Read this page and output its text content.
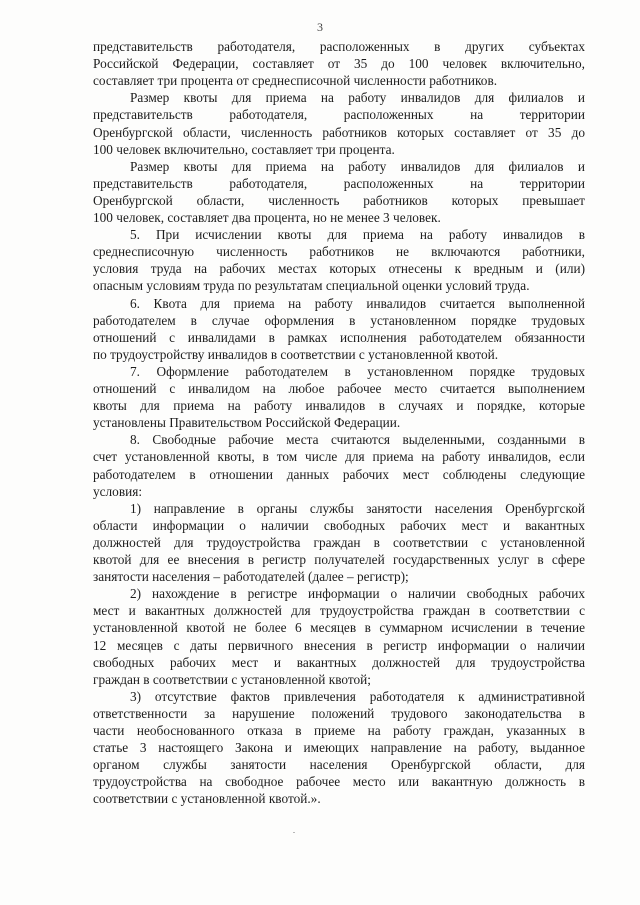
3
представительств работодателя, расположенных в других субъектах
Российской Федерации, составляет от 35 до 100 человек включительно,
составляет три процента от среднесписочной численности работников.
Размер квоты для приема на работу инвалидов для филиалов и
представительств работодателя, расположенных на территории
Оренбургской области, численность работников которых составляет от 35 до
100 человек включительно, составляет три процента.
Размер квоты для приема на работу инвалидов для филиалов и
представительств работодателя, расположенных на территории
Оренбургской области, численность работников которых превышает
100 человек, составляет два процента, но не менее 3 человек.
5. При исчислении квоты для приема на работу инвалидов в
среднесписочную численность работников не включаются работники,
условия труда на рабочих местах которых отнесены к вредным и (или)
опасным условиям труда по результатам специальной оценки условий труда.
6. Квота для приема на работу инвалидов считается выполненной
работодателем в случае оформления в установленном порядке трудовых
отношений с инвалидами в рамках исполнения работодателем обязанности
по трудоустройству инвалидов в соответствии с установленной квотой.
7. Оформление работодателем в установленном порядке трудовых
отношений с инвалидом на любое рабочее место считается выполнением
квоты для приема на работу инвалидов в случаях и порядке, которые
установлены Правительством Российской Федерации.
8. Свободные рабочие места считаются выделенными, созданными в
счет установленной квоты, в том числе для приема на работу инвалидов, если
работодателем в отношении данных рабочих мест соблюдены следующие
условия:
1) направление в органы службы занятости населения Оренбургской
области информации о наличии свободных рабочих мест и вакантных
должностей для трудоустройства граждан в соответствии с установленной
квотой для ее внесения в регистр получателей государственных услуг в сфере
занятости населения – работодателей (далее – регистр);
2) нахождение в регистре информации о наличии свободных рабочих
мест и вакантных должностей для трудоустройства граждан в соответствии с
установленной квотой не более 6 месяцев в суммарном исчислении в течение
12 месяцев с даты первичного внесения в регистр информации о наличии
свободных рабочих мест и вакантных должностей для трудоустройства
граждан в соответствии с установленной квотой;
3) отсутствие фактов привлечения работодателя к административной
ответственности за нарушение положений трудового законодательства в
части необоснованного отказа в приеме на работу граждан, указанных в
статье 3 настоящего Закона и имеющих направление на работу, выданное
органом службы занятости населения Оренбургской области, для
трудоустройства на свободное рабочее место или вакантную должность в
соответствии с установленной квотой.».
